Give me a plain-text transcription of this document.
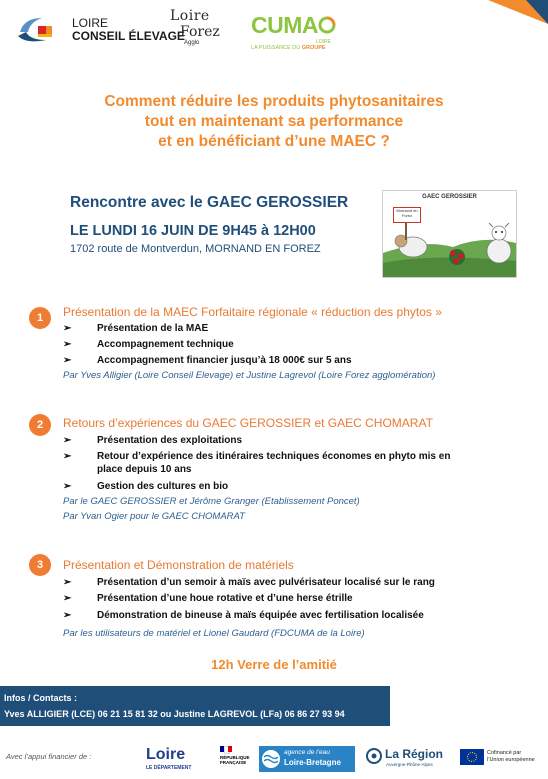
LOIRE
CONSEIL ÉLEVAGE
Loire
Forez
Agglo
CUMA
LOIRE
LA PUISSANCE DU GROUPE
Comment réduire les produits phytosanitaires
tout en maintenant sa performance
et en bénéficiant d’une MAEC ?
Rencontre avec le GAEC GEROSSIER
LE LUNDI 16 JUIN DE 9H45 à 12H00
1702 route de Montverdun, MORNAND EN FOREZ
GAEC GEROSSIER
Mornand en Forez
1	Présentation de la MAEC Forfaitaire régionale « réduction des phytos »
➢	Présentation de la MAE
➢	Accompagnement technique
➢	Accompagnement financier jusqu’à 18 000€ sur 5 ans
Par Yves Alligier (Loire Conseil Elevage) et Justine Lagrevol (Loire Forez agglomération)
2	Retours d’expériences du GAEC GEROSSIER et GAEC CHOMARAT
➢	Présentation des exploitations
➢	Retour d’expérience des itinéraires techniques économes en phyto mis en
place depuis 10 ans
➢	Gestion des cultures en bio
Par le GAEC GEROSSIER et Jérôme Granger (Etablissement Poncet)
Par Yvan Ogier pour le GAEC CHOMARAT
3	Présentation et Démonstration de matériels
➢	Présentation d’un semoir à maïs avec pulvérisateur localisé sur le rang
➢	Présentation d’une houe rotative et d’une herse étrille
➢	Démonstration de bineuse à maïs équipée avec fertilisation localisée
Par les utilisateurs de matériel et Lionel Gaudard (FDCUMA de la Loire)
12h Verre de l’amitié
Infos / Contacts :
Yves ALLIGIER (LCE) 06 21 15 81 32 ou Justine LAGREVOL (LFa) 06 86 27 93 94
Avec l’appui financier de :	Loire
LE DÉPARTEMENT
RÉPUBLIQUE
FRANÇAISE
agence de l’eau
Loire-Bretagne
La Région
Auvergne-Rhône-Alpes
Cofinancé par
l’Union européenne
